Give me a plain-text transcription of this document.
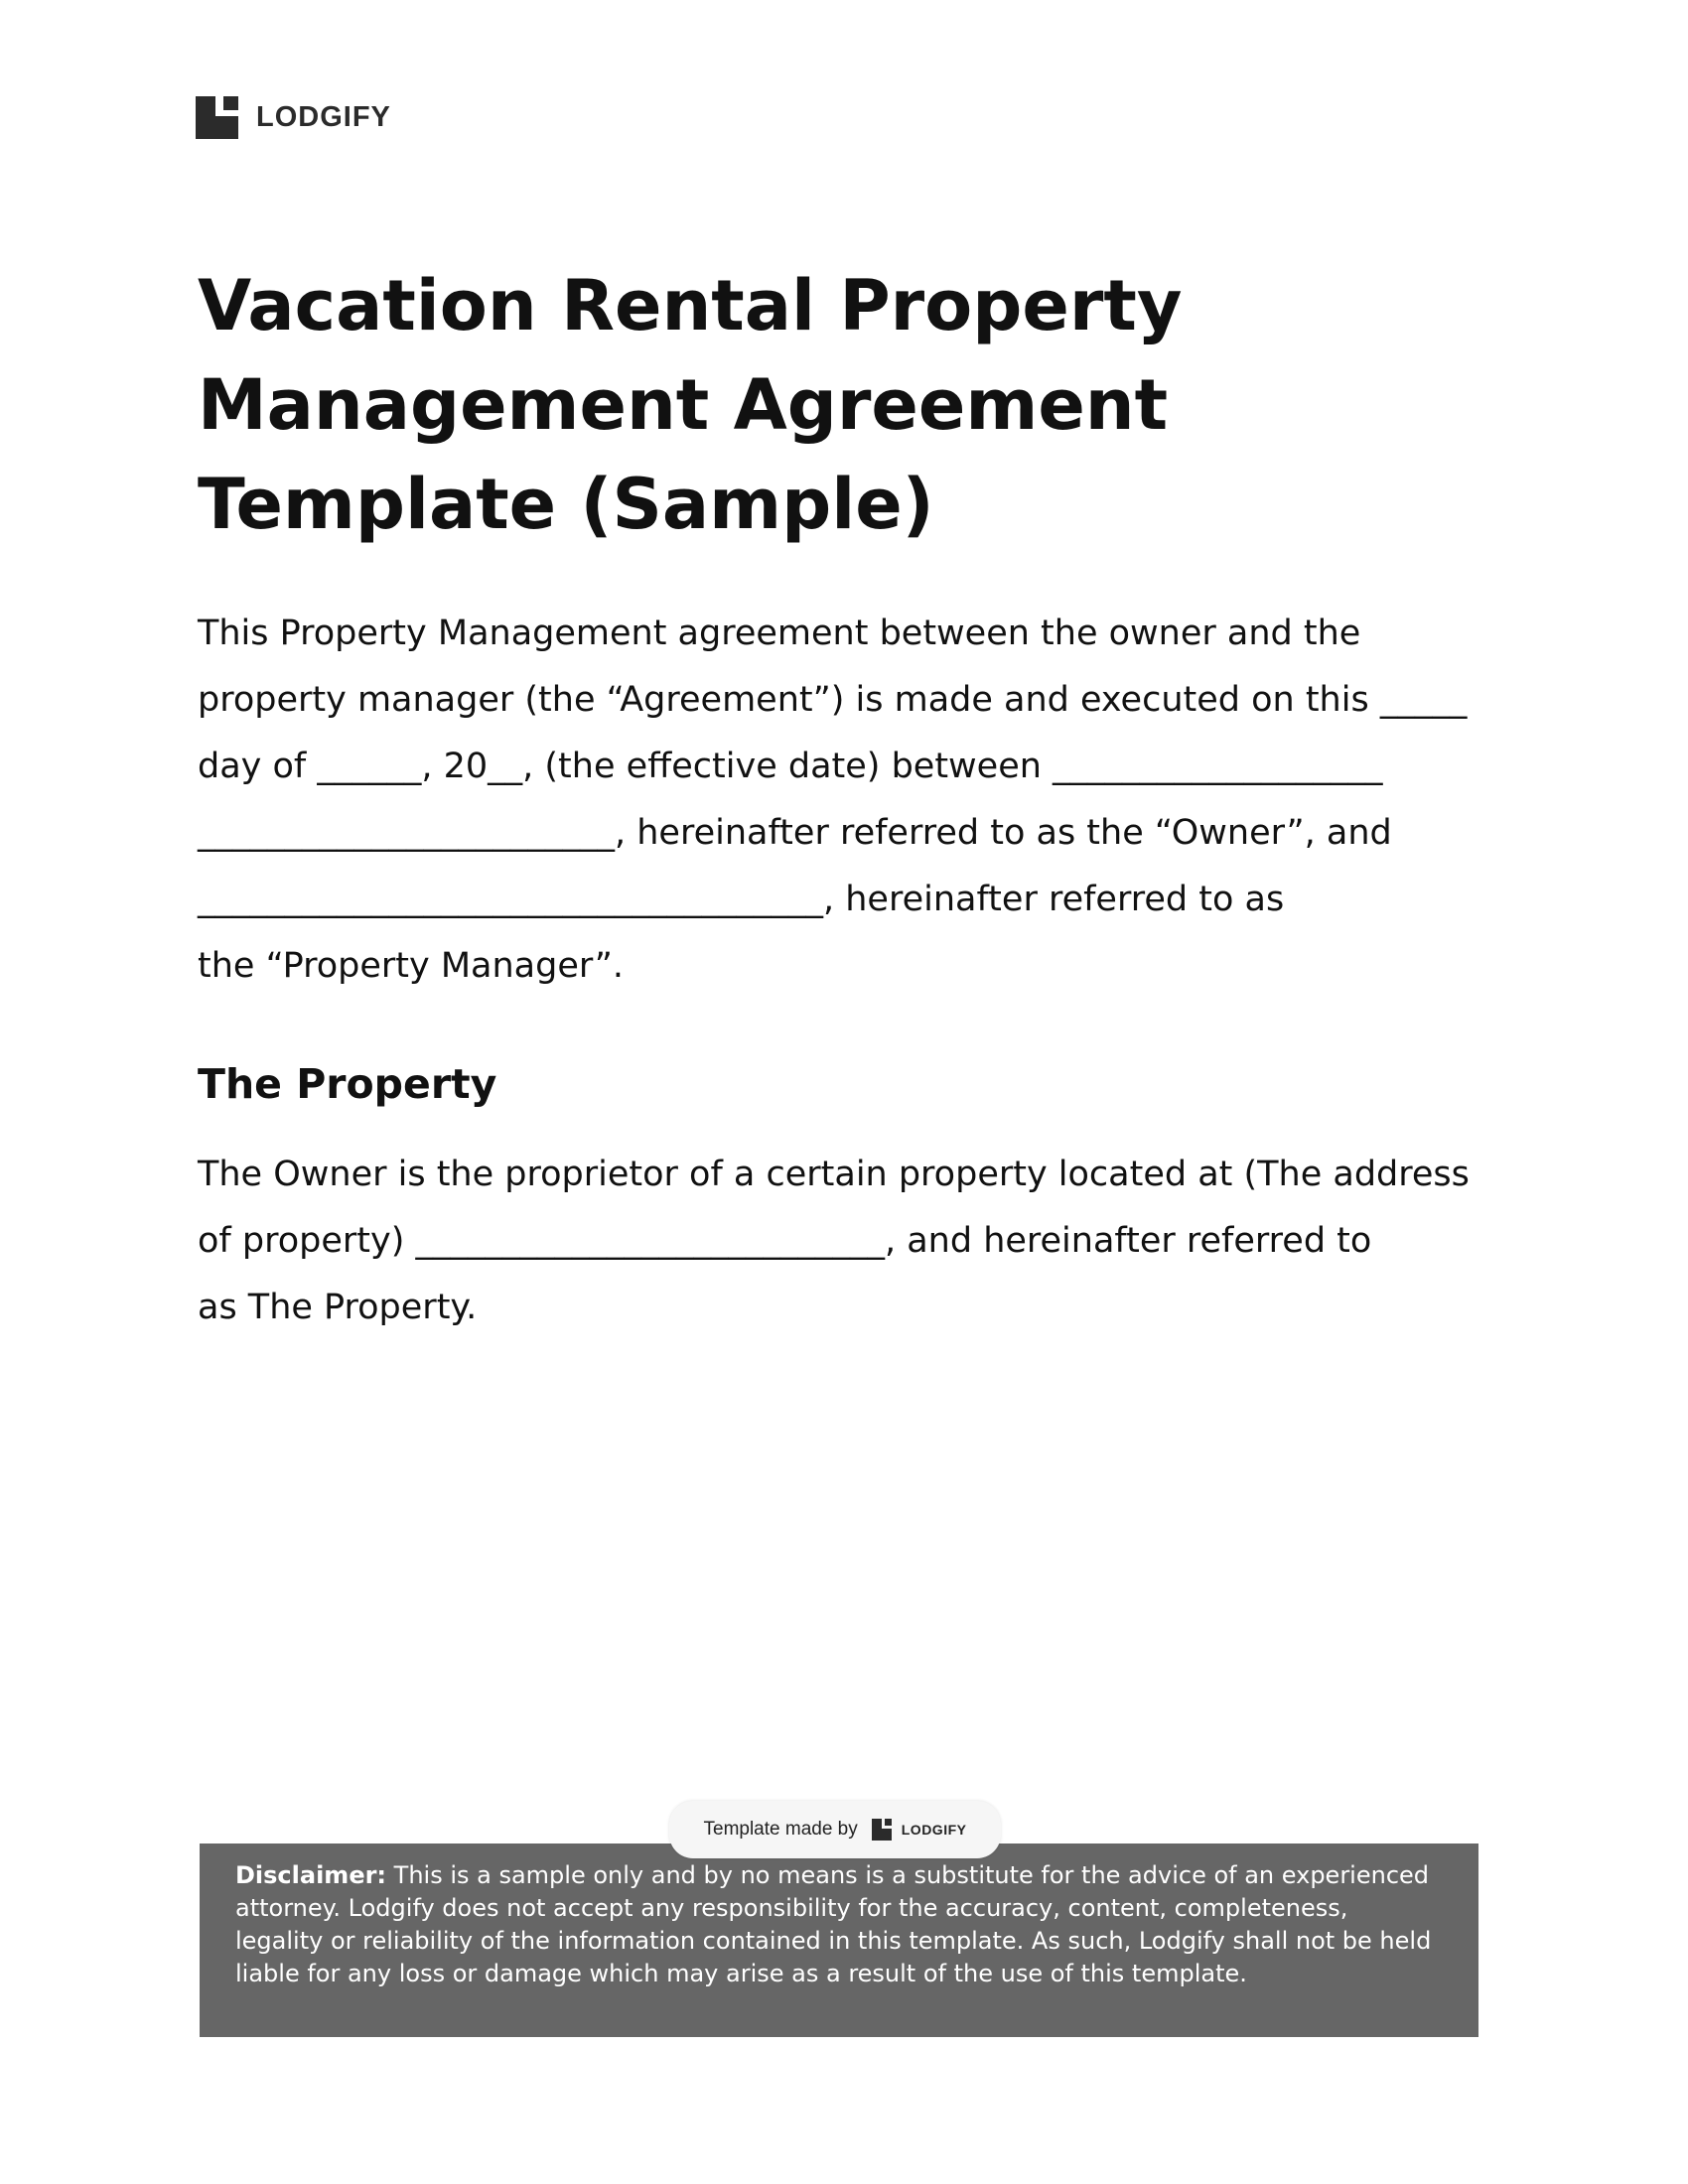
LODGIFY
Vacation Rental Property Management Agreement Template (Sample)
This Property Management agreement between the owner and the
property manager (the “Agreement”) is made and executed on this _____
day of ______, 20__, (the effective date) between ___________________
________________________, hereinafter referred to as the “Owner”, and
____________________________________, hereinafter referred to as
the “Property Manager”.
The Property
The Owner is the proprietor of a certain property located at (The address
of property) ___________________________, and hereinafter referred to
as The Property.
Template made by	LODGIFY
Disclaimer: This is a sample only and by no means is a substitute for the advice of an experienced attorney. Lodgify does not accept any responsibility for the accuracy, content, completeness, legality or reliability of the information contained in this template. As such, Lodgify shall not be held liable for any loss or damage which may arise as a result of the use of this template.
